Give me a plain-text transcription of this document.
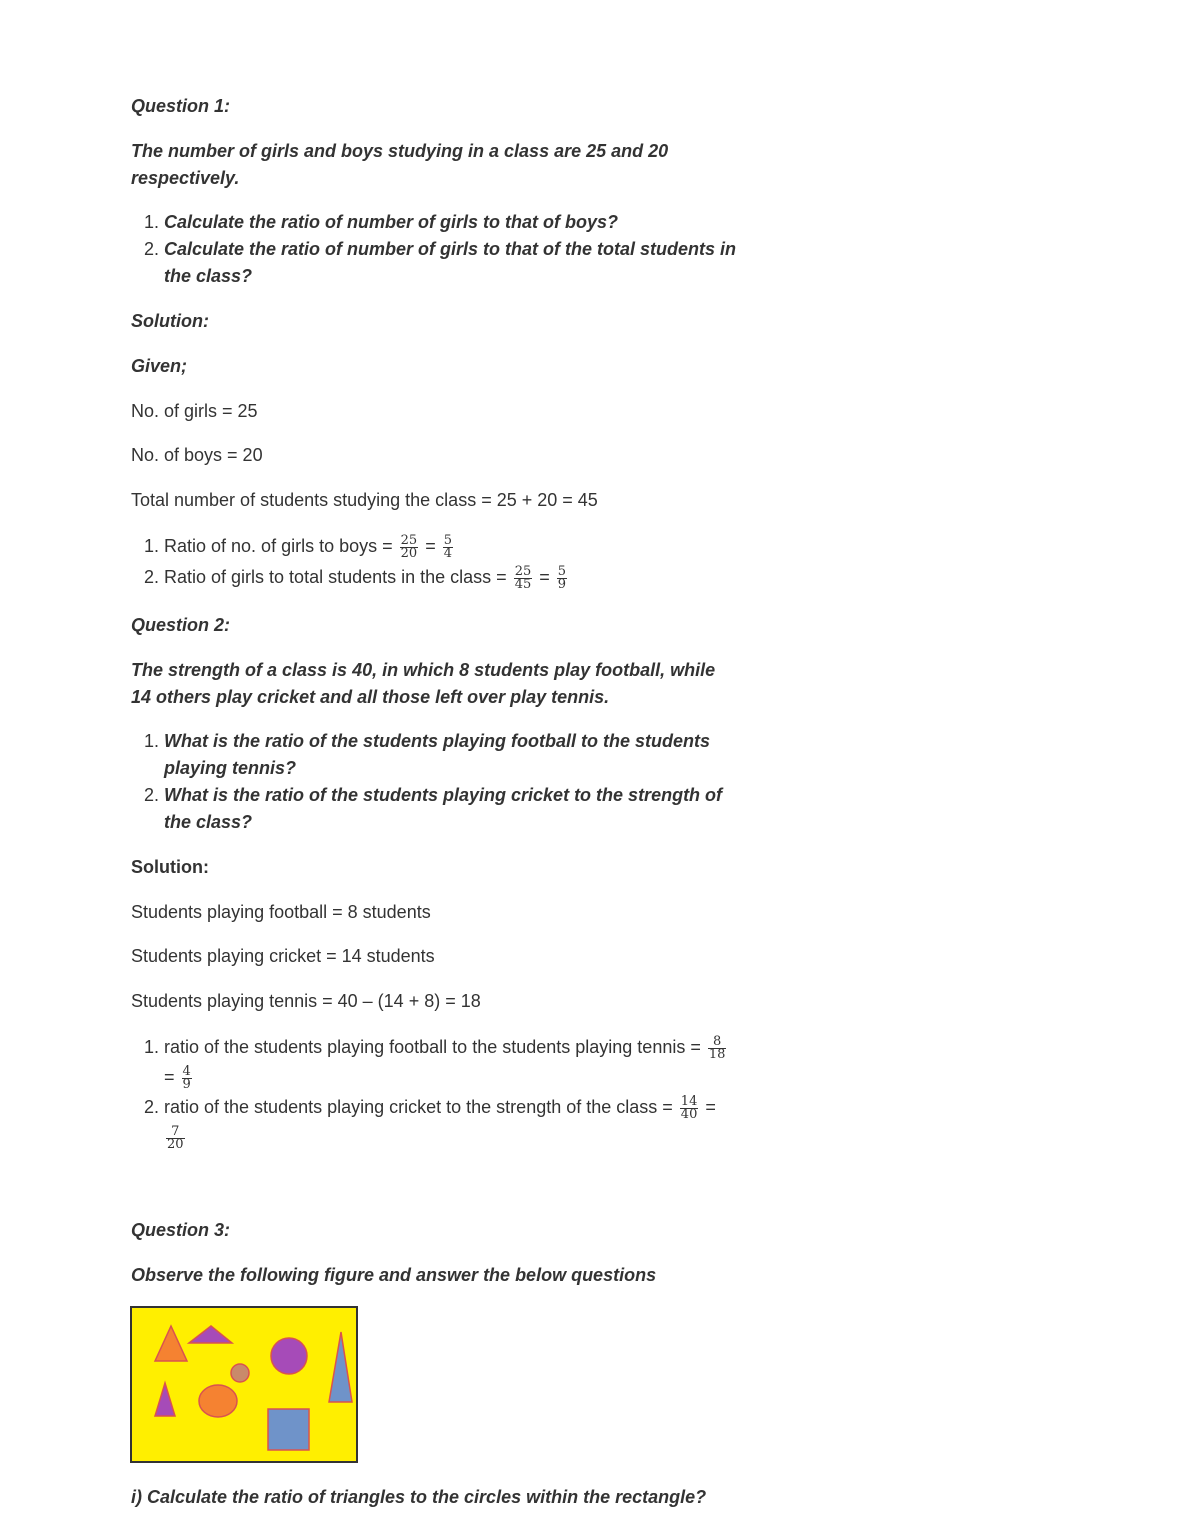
Question 1:
The number of girls and boys studying in a class are 25 and 20
respectively.
1. Calculate the ratio of number of girls to that of boys?
2. Calculate the ratio of number of girls to that of the total students in
the class?
Solution:
Given;
No. of girls = 25
No. of boys = 20
Total number of students studying the class = 25 + 20 = 45
1. Ratio of no. of girls to boys = $\frac{25}{20} = \frac{5}{4}$
2. Ratio of girls to total students in the class = $\frac{25}{45} = \frac{5}{9}$
Question 2:
The strength of a class is 40, in which 8 students play football, while
14 others play cricket and all those left over play tennis.
1. What is the ratio of the students playing football to the students
playing tennis?
2. What is the ratio of the students playing cricket to the strength of
the class?
Solution:
Students playing football = 8 students
Students playing cricket = 14 students
Students playing tennis = 40 – (14 + 8) = 18
1. ratio of the students playing football to the students playing tennis = $\frac{8}{18}$
= $\frac{4}{9}$
2. ratio of the students playing cricket to the strength of the class = $\frac{14}{40}$ =
$\frac{7}{20}$
Question 3:
Observe the following figure and answer the below questions
i) Calculate the ratio of triangles to the circles within the rectangle?
